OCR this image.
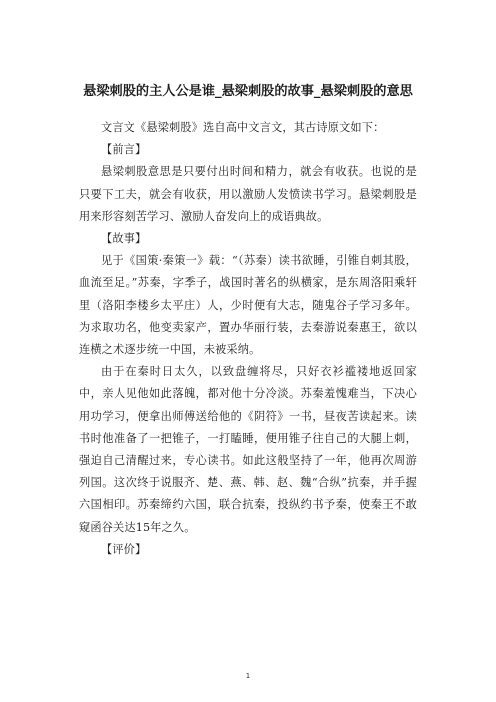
悬梁刺股的主人公是谁_悬梁刺股的故事_悬梁刺股的意思

文言文《悬梁刺股》选自高中文言文，其古诗原文如下：

【前言】

悬梁刺股意思是只要付出时间和精力，就会有收获。也说的是只要下工夫，就会有收获，用以激励人发愤读书学习。悬梁刺股是用来形容刻苦学习、激励人奋发向上的成语典故。

【故事】

见于《国策·秦策一》载：“（苏秦）读书欲睡，引锥自刺其股，血流至足。”苏秦，字季子，战国时著名的纵横家，是东周洛阳乘轩里（洛阳李楼乡太平庄）人，少时便有大志，随鬼谷子学习多年。为求取功名，他变卖家产，置办华丽行装，去秦游说秦惠王，欲以连横之术逐步统一中国，未被采纳。

由于在秦时日太久，以致盘缠将尽，只好衣衫褴褛地返回家中，亲人见他如此落魄，都对他十分冷淡。苏秦羞愧难当，下决心用功学习，便拿出师傅送给他的《阴符》一书，昼夜苦读起来。读书时他准备了一把锥子，一打瞌睡，便用锥子往自己的大腿上刺，强迫自己清醒过来，专心读书。如此这般坚持了一年，他再次周游列国。这次终于说服齐、楚、燕、韩、赵、魏“合纵”抗秦，并手握六国相印。苏秦缔约六国，联合抗秦，投纵约书予秦，使秦王不敢窥函谷关达15年之久。

【评价】

1
